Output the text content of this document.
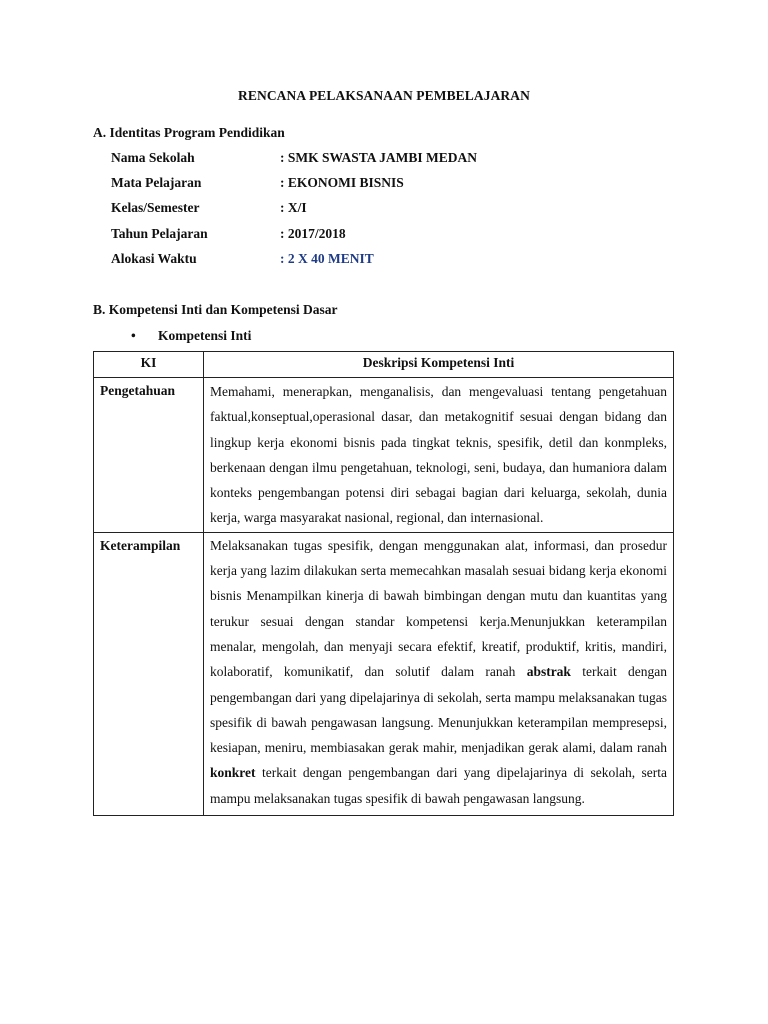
RENCANA PELAKSANAAN PEMBELAJARAN
A. Identitas Program Pendidikan
Nama Sekolah	: SMK SWASTA JAMBI MEDAN
Mata Pelajaran	: EKONOMI BISNIS
Kelas/Semester	: X/I
Tahun Pelajaran	: 2017/2018
Alokasi Waktu	: 2 X 40 MENIT
B. Kompetensi Inti dan Kompetensi Dasar
•	Kompetensi Inti
KI	Deskripsi Kompetensi Inti
Pengetahuan	Memahami, menerapkan, menganalisis, dan mengevaluasi tentang pengetahuan faktual,konseptual,operasional dasar, dan metakognitif sesuai dengan bidang dan lingkup kerja ekonomi bisnis pada tingkat teknis, spesifik, detil dan konmpleks, berkenaan dengan ilmu pengetahuan, teknologi, seni, budaya, dan humaniora dalam konteks pengembangan potensi diri sebagai bagian dari keluarga, sekolah, dunia kerja, warga masyarakat nasional, regional, dan internasional.
Keterampilan	Melaksanakan tugas spesifik, dengan menggunakan alat, informasi, dan prosedur kerja yang lazim dilakukan serta memecahkan masalah sesuai bidang kerja ekonomi bisnis Menampilkan kinerja di bawah bimbingan dengan mutu dan kuantitas yang terukur sesuai dengan standar kompetensi kerja.Menunjukkan keterampilan menalar, mengolah, dan menyaji secara efektif, kreatif, produktif, kritis, mandiri, kolaboratif, komunikatif, dan solutif dalam ranah abstrak terkait dengan pengembangan dari yang dipelajarinya di sekolah, serta mampu melaksanakan tugas spesifik di bawah pengawasan langsung. Menunjukkan keterampilan mempresepsi, kesiapan, meniru, membiasakan gerak mahir, menjadikan gerak alami, dalam ranah konkret terkait dengan pengembangan dari yang dipelajarinya di sekolah, serta mampu melaksanakan tugas spesifik di bawah pengawasan langsung.
